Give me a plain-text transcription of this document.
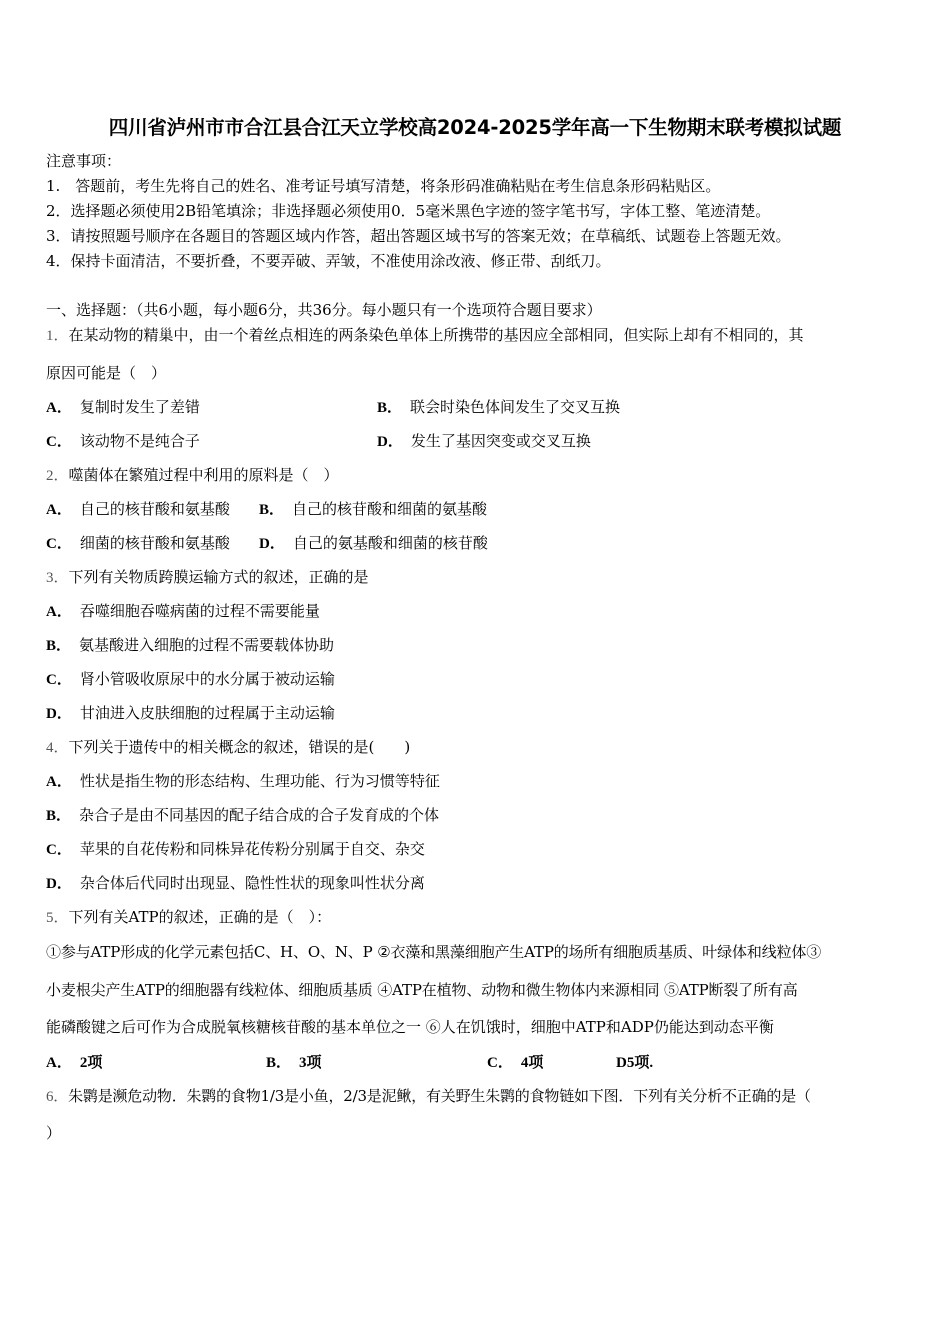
四川省泸州市市合江县合江天立学校高2024-2025学年高一下生物期末联考模拟试题
注意事项：
1.　答题前，考生先将自己的姓名、准考证号填写清楚，将条形码准确粘贴在考生信息条形码粘贴区。
2．选择题必须使用2B铅笔填涂；非选择题必须使用0．5毫米黑色字迹的签字笔书写，字体工整、笔迹清楚。
3．请按照题号顺序在各题目的答题区域内作答，超出答题区域书写的答案无效；在草稿纸、试题卷上答题无效。
4．保持卡面清洁，不要折叠，不要弄破、弄皱，不准使用涂改液、修正带、刮纸刀。
一、选择题：（共6小题，每小题6分，共36分。每小题只有一个选项符合题目要求）
1．在某动物的精巢中，由一个着丝点相连的两条染色单体上所携带的基因应全部相同，但实际上却有不相同的，其
原因可能是（　）
A． 复制时发生了差错	B． 联会时染色体间发生了交叉互换
C． 该动物不是纯合子	D． 发生了基因突变或交叉互换
2．噬菌体在繁殖过程中利用的原料是（　）
A． 自己的核苷酸和氨基酸 B． 自己的核苷酸和细菌的氨基酸
C． 细菌的核苷酸和氨基酸 D． 自己的氨基酸和细菌的核苷酸
3．下列有关物质跨膜运输方式的叙述，正确的是
A． 吞噬细胞吞噬病菌的过程不需要能量
B． 氨基酸进入细胞的过程不需要载体协助
C． 肾小管吸收原尿中的水分属于被动运输
D． 甘油进入皮肤细胞的过程属于主动运输
4．下列关于遗传中的相关概念的叙述，错误的是(　　)
A． 性状是指生物的形态结构、生理功能、行为习惯等特征
B． 杂合子是由不同基因的配子结合成的合子发育成的个体
C． 苹果的自花传粉和同株异花传粉分别属于自交、杂交
D． 杂合体后代同时出现显、隐性性状的现象叫性状分离
5．下列有关ATP的叙述，正确的是（　）：
①参与ATP形成的化学元素包括C、H、O、N、P ②衣藻和黑藻细胞产生ATP的场所有细胞质基质、叶绿体和线粒体③
小麦根尖产生ATP的细胞器有线粒体、细胞质基质 ④ATP在植物、动物和微生物体内来源相同 ⑤ATP断裂了所有高
能磷酸键之后可作为合成脱氧核糖核苷酸的基本单位之一 ⑥人在饥饿时，细胞中ATP和ADP仍能达到动态平衡
A． 2项	B． 3项	C． 4项	D5项.
6．朱鹮是濒危动物．朱鹮的食物1/3是小鱼，2/3是泥鳅，有关野生朱鹮的食物链如下图．下列有关分析不正确的是（
）
